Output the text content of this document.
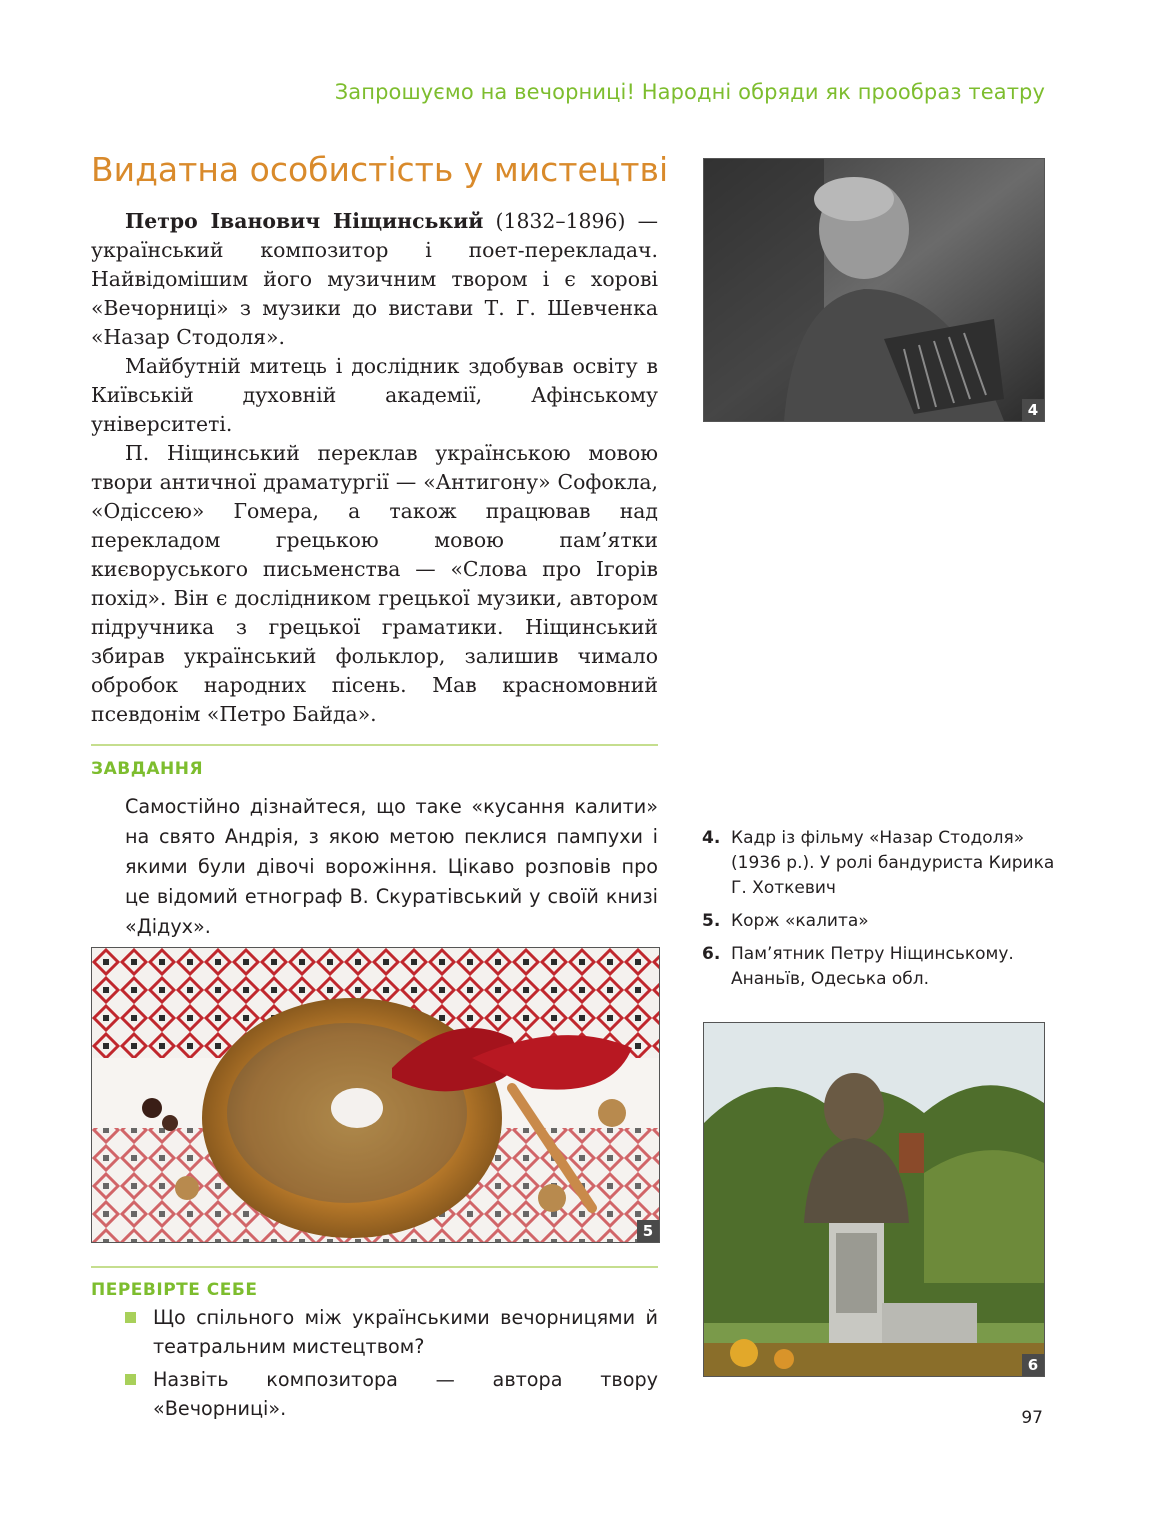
Запрошуємо на вечорниці! Народні обряди як прообраз театру
Видатна особистість у мистецтві

Петро Іванович Ніщинський (1832–1896) — український композитор і поет-перекладач. Найвідомішим його музичним твором і є хорові «Вечорниці» з музики до вистави Т. Г. Шевченка «Назар Стодоля».

Майбутній митець і дослідник здобував освіту в Київській духовній академії, Афінському університеті.

П. Ніщинський переклав українською мовою твори античної драматургії — «Антигону» Софокла, «Одіссею» Гомера, а також працював над перекладом грецькою мовою пам’ятки києворуського письменства — «Слова про Ігорів похід». Він є дослідником грецької музики, автором підручника з грецької граматики. Ніщинський збирав український фольклор, залишив чимало обробок народних пісень. Мав красномовний псевдонім «Петро Байда».

ЗАВДАННЯ

Самостійно дізнайтеся, що таке «кусання калити» на свято Андрія, з якою метою пеклися пампухи і якими були дівочі ворожіння. Цікаво розповів про це відомий етнограф В. Скуратівський у своїй книзі «Дідух».

ПЕРЕВІРТЕ СЕБЕ
Що спільного між українськими вечорницями й театральним мистецтвом?
Назвіть композитора — автора твору «Вечорниці».
4
5
6
4. Кадр із фільму «Назар Стодоля» (1936 р.). У ролі бандуриста Кирика Г. Хоткевич
5. Корж «калита»
6. Пам’ятник Петру Ніщинському. Ананьїв, Одеська обл.
97
